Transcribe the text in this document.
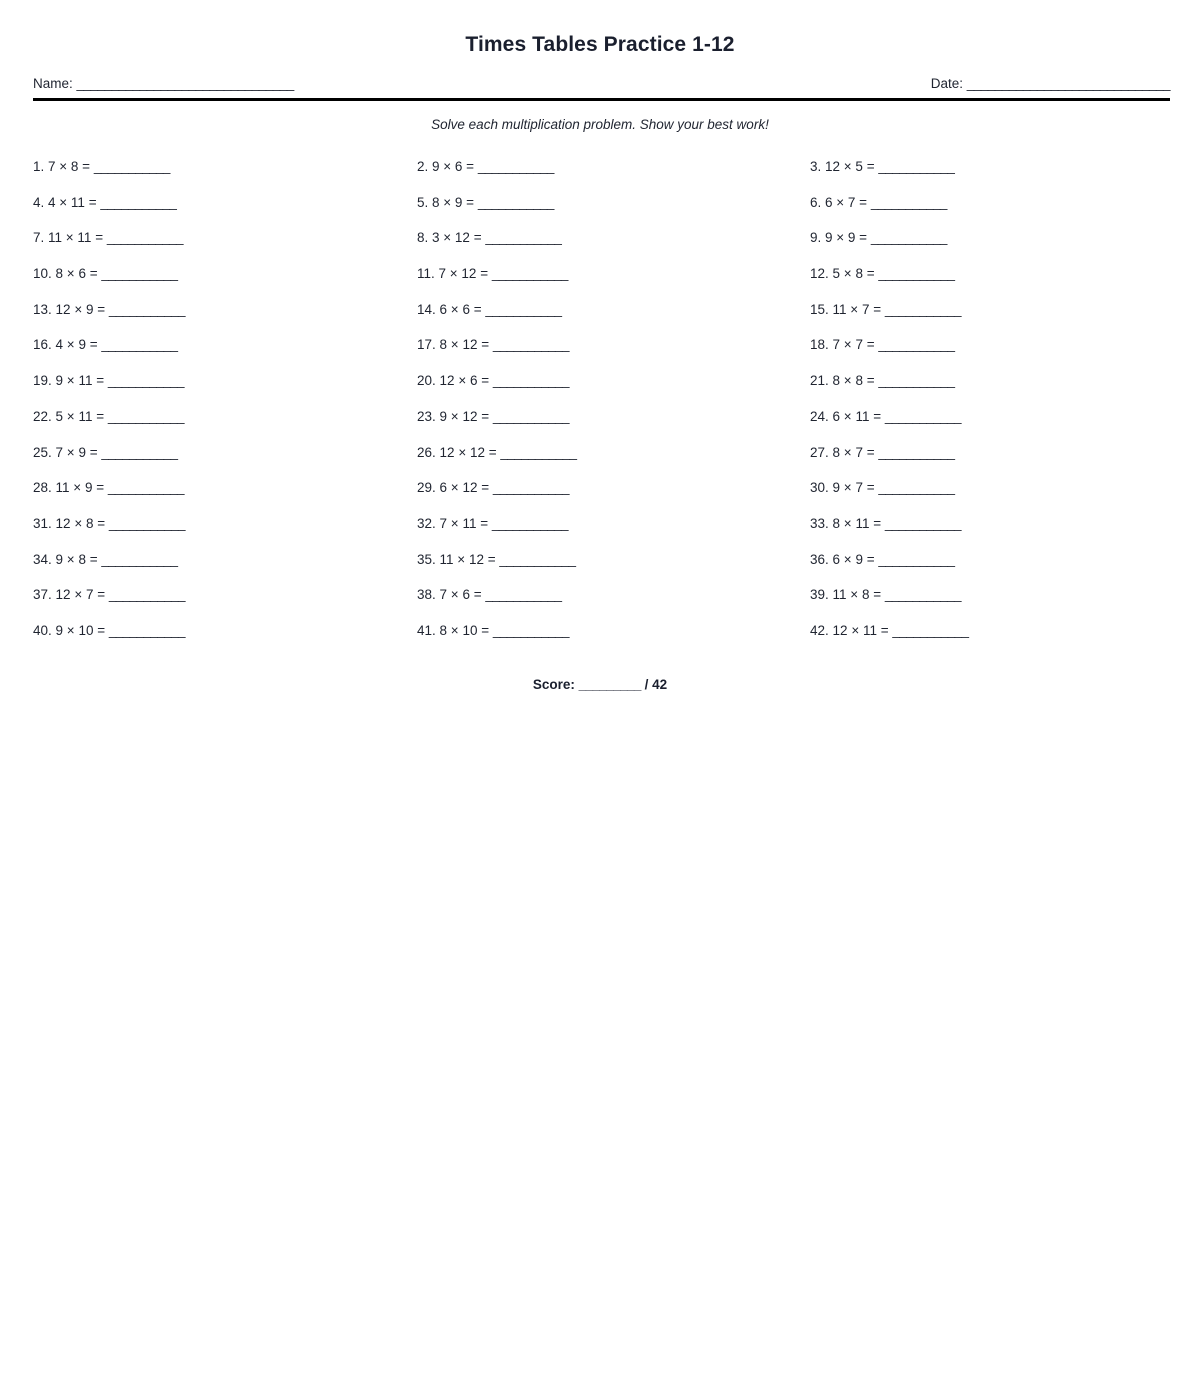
Times Tables Practice 1-12
Name: _______________________________	Date: _____________________________

Solve each multiplication problem. Show your best work!

1. 7 × 8 = ___________	2. 9 × 6 = ___________	3. 12 × 5 = ___________
4. 4 × 11 = ___________	5. 8 × 9 = ___________	6. 6 × 7 = ___________
7. 11 × 11 = ___________	8. 3 × 12 = ___________	9. 9 × 9 = ___________
10. 8 × 6 = ___________	11. 7 × 12 = ___________	12. 5 × 8 = ___________
13. 12 × 9 = ___________	14. 6 × 6 = ___________	15. 11 × 7 = ___________
16. 4 × 9 = ___________	17. 8 × 12 = ___________	18. 7 × 7 = ___________
19. 9 × 11 = ___________	20. 12 × 6 = ___________	21. 8 × 8 = ___________
22. 5 × 11 = ___________	23. 9 × 12 = ___________	24. 6 × 11 = ___________
25. 7 × 9 = ___________	26. 12 × 12 = ___________	27. 8 × 7 = ___________
28. 11 × 9 = ___________	29. 6 × 12 = ___________	30. 9 × 7 = ___________
31. 12 × 8 = ___________	32. 7 × 11 = ___________	33. 8 × 11 = ___________
34. 9 × 8 = ___________	35. 11 × 12 = ___________	36. 6 × 9 = ___________
37. 12 × 7 = ___________	38. 7 × 6 = ___________	39. 11 × 8 = ___________
40. 9 × 10 = ___________	41. 8 × 10 = ___________	42. 12 × 11 = ___________
Score: _________ / 42
